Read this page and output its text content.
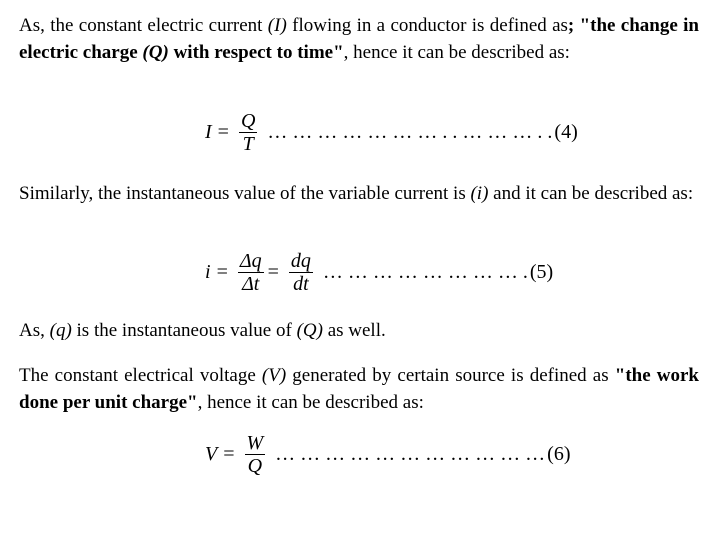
As, the constant electric current (I) flowing in a conductor is defined as; "the change in electric charge (Q) with respect to time", hence it can be described as:

$I = \frac{Q}{T}$ … … … … … … … . . … … … . . (4)

Similarly, the instantaneous value of the variable current is (i) and it can be described as:

$i = \frac{\Delta q}{\Delta t} = \frac{dq}{dt}$ … … … … … … … … . (5)

As, (q) is the instantaneous value of (Q) as well.

The constant electrical voltage (V) generated by certain source is defined as "the work done per unit charge", hence it can be described as:

$V = \frac{W}{Q}$ … … … … … … … … … … … (6)
